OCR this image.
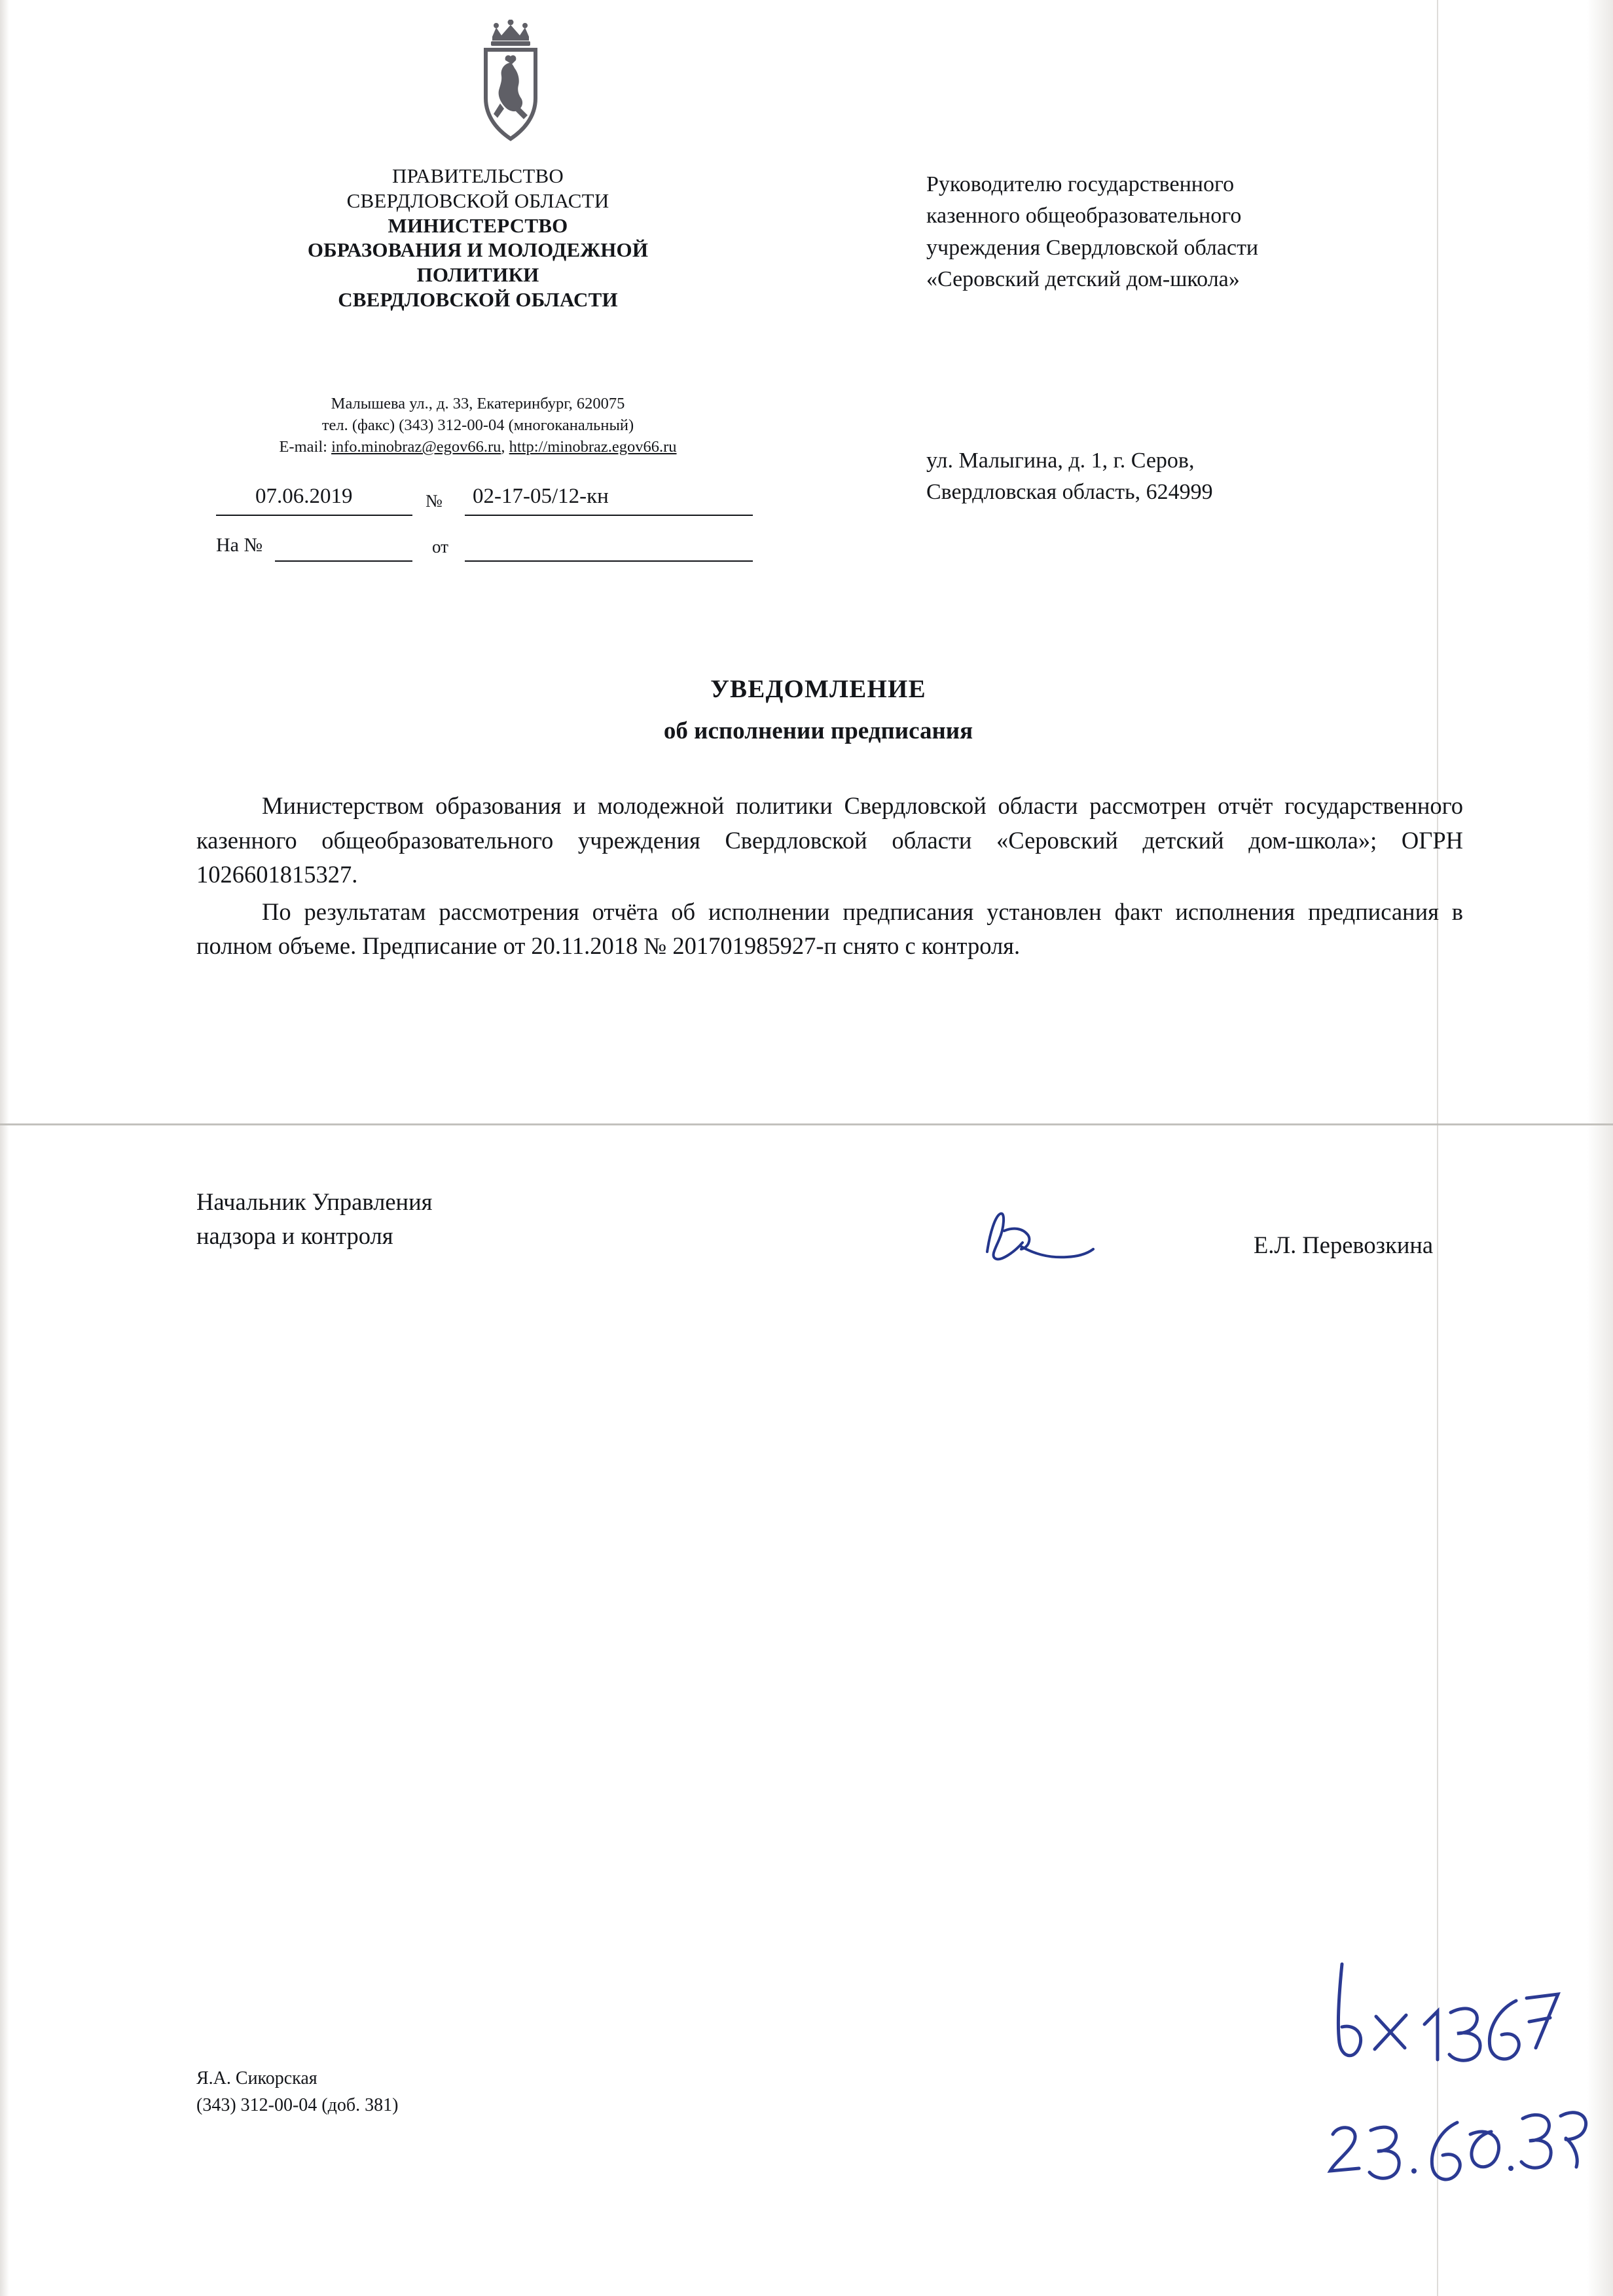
ПРАВИТЕЛЬСТВО
СВЕРДЛОВСКОЙ ОБЛАСТИ
МИНИСТЕРСТВО
ОБРАЗОВАНИЯ И МОЛОДЕЖНОЙ
ПОЛИТИКИ
СВЕРДЛОВСКОЙ ОБЛАСТИ
Малышева ул., д. 33, Екатеринбург, 620075
тел. (факс) (343) 312-00-04 (многоканальный)
E-mail: info.minobraz@egov66.ru, http://minobraz.egov66.ru
07.06.2019	№ 02-17-05/12-кн
На №	от
Руководителю государственного
казенного общеобразовательного
учреждения Свердловской области
«Серовский детский дом-школа»
ул. Малыгина, д. 1, г. Серов,
Свердловская область, 624999
УВЕДОМЛЕНИЕ
об исполнении предписания

Министерством образования и молодежной политики Свердловской области рассмотрен отчёт государственного казенного общеобразовательного учреждения Свердловской области «Серовский детский дом-школа»; ОГРН 1026601815327.

По результатам рассмотрения отчёта об исполнении предписания установлен факт исполнения предписания в полном объеме. Предписание от 20.11.2018 № 201701985927-п снято с контроля.

Начальник Управления
надзора и контроля	Е.Л. Перевозкина
Я.А. Сикорская
(343) 312-00-04 (доб. 381)
